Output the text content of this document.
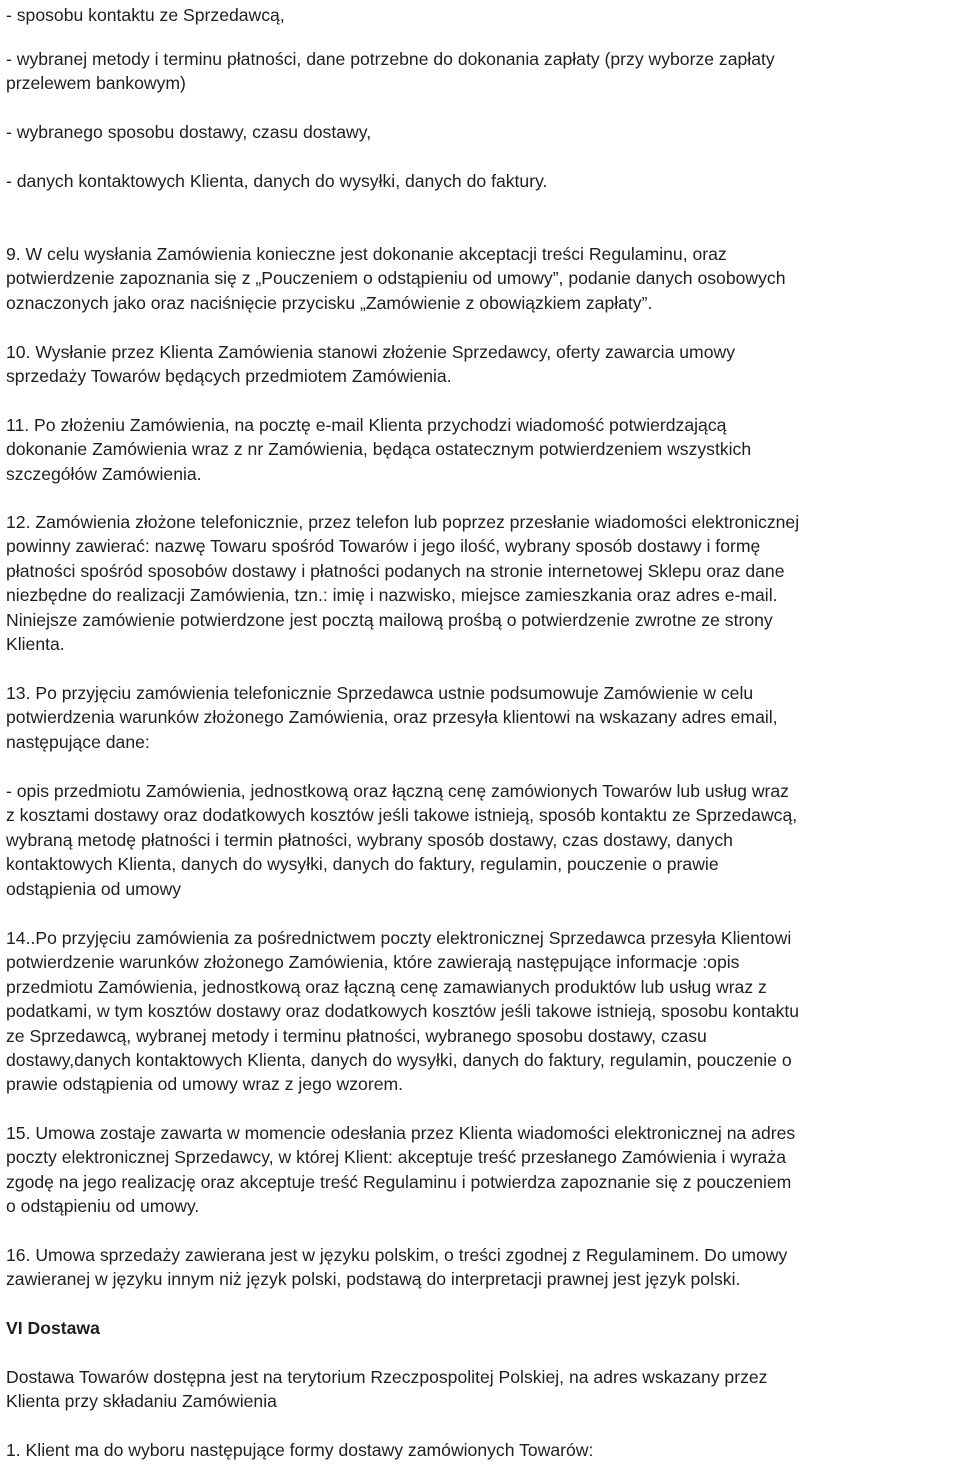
- sposobu kontaktu ze Sprzedawcą,

- wybranej metody i terminu płatności, dane potrzebne do dokonania zapłaty (przy wyborze zapłaty
przelewem bankowym)

- wybranego sposobu dostawy, czasu dostawy,

- danych kontaktowych Klienta, danych do wysyłki, danych do faktury.

9. W celu wysłania Zamówienia konieczne jest dokonanie akceptacji treści Regulaminu, oraz
potwierdzenie zapoznania się z „Pouczeniem o odstąpieniu od umowy”, podanie danych osobowych
oznaczonych jako oraz naciśnięcie przycisku „Zamówienie z obowiązkiem zapłaty”.

10. Wysłanie przez Klienta Zamówienia stanowi złożenie Sprzedawcy, oferty zawarcia umowy
sprzedaży Towarów będących przedmiotem Zamówienia.

11. Po złożeniu Zamówienia, na pocztę e-mail Klienta przychodzi wiadomość potwierdzającą
dokonanie Zamówienia wraz z nr Zamówienia, będąca ostatecznym potwierdzeniem wszystkich
szczegółów Zamówienia.

12. Zamówienia złożone telefonicznie, przez telefon lub poprzez przesłanie wiadomości elektronicznej
powinny zawierać: nazwę Towaru spośród Towarów i jego ilość, wybrany sposób dostawy i formę
płatności spośród sposobów dostawy i płatności podanych na stronie internetowej Sklepu oraz dane
niezbędne do realizacji Zamówienia, tzn.: imię i nazwisko, miejsce zamieszkania oraz adres e-mail.
Niniejsze zamówienie potwierdzone jest pocztą mailową prośbą o potwierdzenie zwrotne ze strony
Klienta.

13. Po przyjęciu zamówienia telefonicznie Sprzedawca ustnie podsumowuje Zamówienie w celu
potwierdzenia warunków złożonego Zamówienia, oraz przesyła klientowi na wskazany adres email,
następujące dane:

- opis przedmiotu Zamówienia, jednostkową oraz łączną cenę zamówionych Towarów lub usług wraz
z kosztami dostawy oraz dodatkowych kosztów jeśli takowe istnieją, sposób kontaktu ze Sprzedawcą,
wybraną metodę płatności i termin płatności, wybrany sposób dostawy, czas dostawy, danych
kontaktowych Klienta, danych do wysyłki, danych do faktury, regulamin, pouczenie o prawie
odstąpienia od umowy

14..Po przyjęciu zamówienia za pośrednictwem poczty elektronicznej Sprzedawca przesyła Klientowi
potwierdzenie warunków złożonego Zamówienia, które zawierają następujące informacje :opis
przedmiotu Zamówienia, jednostkową oraz łączną cenę zamawianych produktów lub usług wraz z
podatkami, w tym kosztów dostawy oraz dodatkowych kosztów jeśli takowe istnieją, sposobu kontaktu
ze Sprzedawcą, wybranej metody i terminu płatności, wybranego sposobu dostawy, czasu
dostawy,danych kontaktowych Klienta, danych do wysyłki, danych do faktury, regulamin, pouczenie o
prawie odstąpienia od umowy wraz z jego wzorem.

15. Umowa zostaje zawarta w momencie odesłania przez Klienta wiadomości elektronicznej na adres
poczty elektronicznej Sprzedawcy, w której Klient: akceptuje treść przesłanego Zamówienia i wyraża
zgodę na jego realizację oraz akceptuje treść Regulaminu i potwierdza zapoznanie się z pouczeniem
o odstąpieniu od umowy.

16. Umowa sprzedaży zawierana jest w języku polskim, o treści zgodnej z Regulaminem. Do umowy
zawieranej w języku innym niż język polski, podstawą do interpretacji prawnej jest język polski.

VI Dostawa

Dostawa Towarów dostępna jest na terytorium Rzeczpospolitej Polskiej, na adres wskazany przez
Klienta przy składaniu Zamówienia

1. Klient ma do wyboru następujące formy dostawy zamówionych Towarów:
